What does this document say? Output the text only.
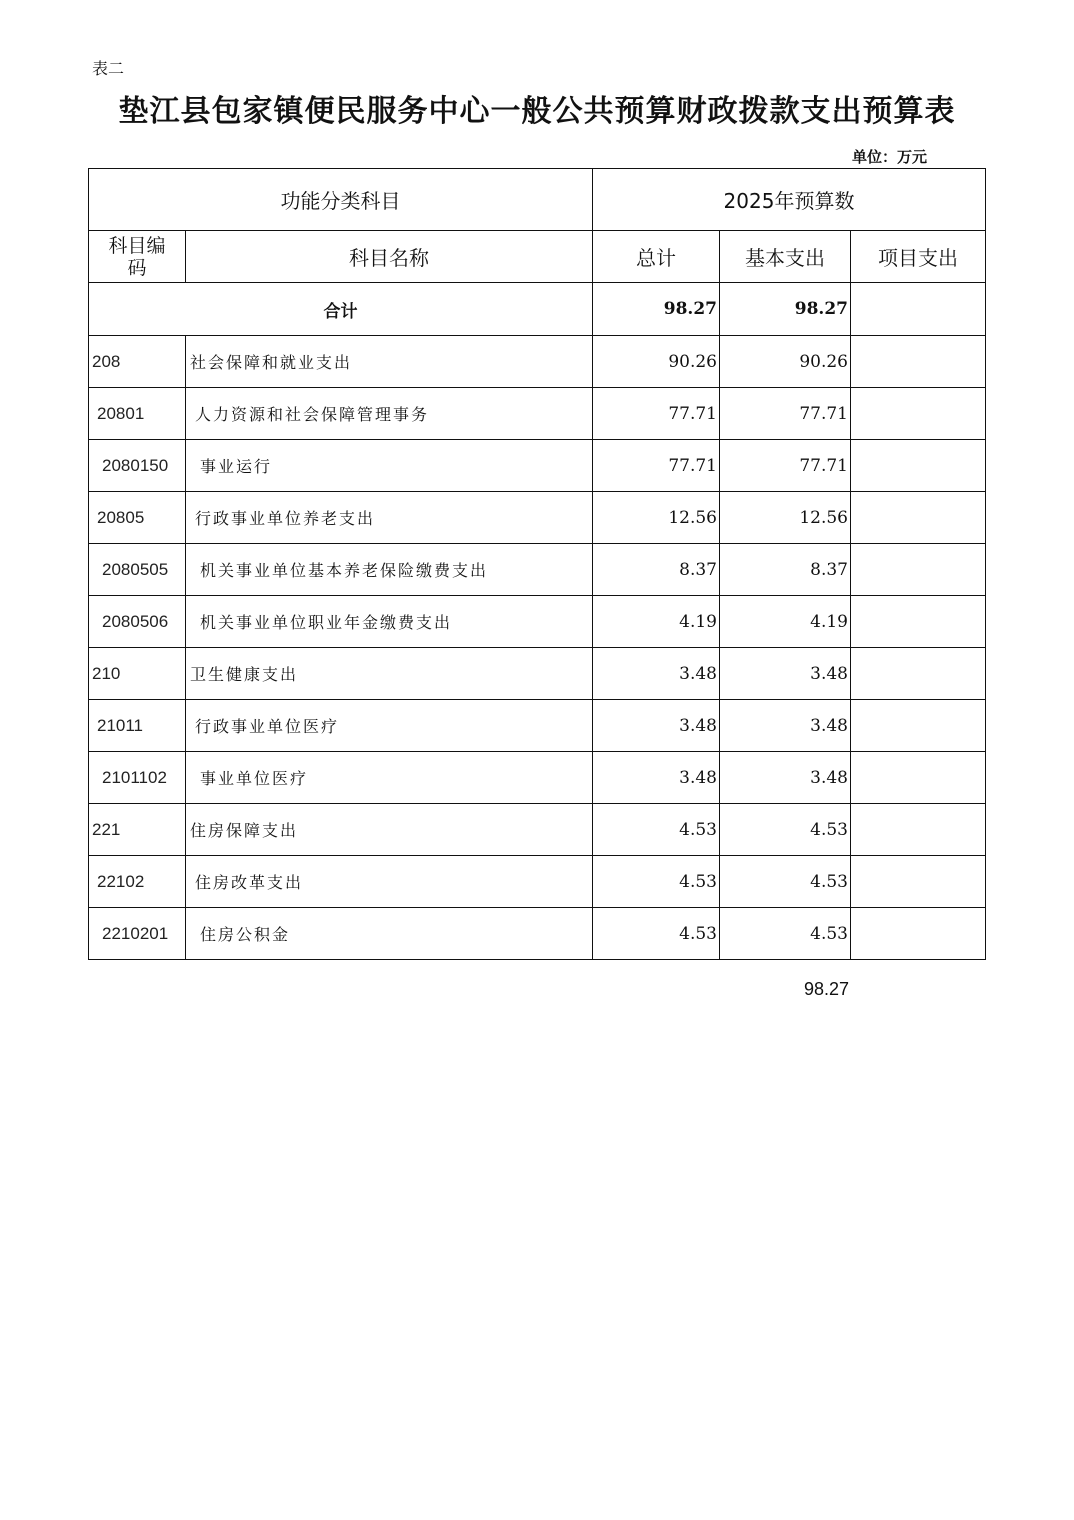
表二
垫江县包家镇便民服务中心一般公共预算财政拨款支出预算表
单位：万元
功能分类科目		2025年预算数		

科目编码	科目名称	总计	基本支出	项目支出
合计		98.27	98.27	
208	社会保障和就业支出	90.26	90.26	
20801	人力资源和社会保障管理事务	77.71	77.71	
2080150	事业运行	77.71	77.71	
20805	行政事业单位养老支出	12.56	12.56	
2080505	机关事业单位基本养老保险缴费支出	8.37	8.37	
2080506	机关事业单位职业年金缴费支出	4.19	4.19	
210	卫生健康支出	3.48	3.48	
21011	行政事业单位医疗	3.48	3.48	
2101102	事业单位医疗	3.48	3.48	
221	住房保障支出	4.53	4.53	
22102	住房改革支出	4.53	4.53	
2210201	住房公积金	4.53	4.53	
98.27
